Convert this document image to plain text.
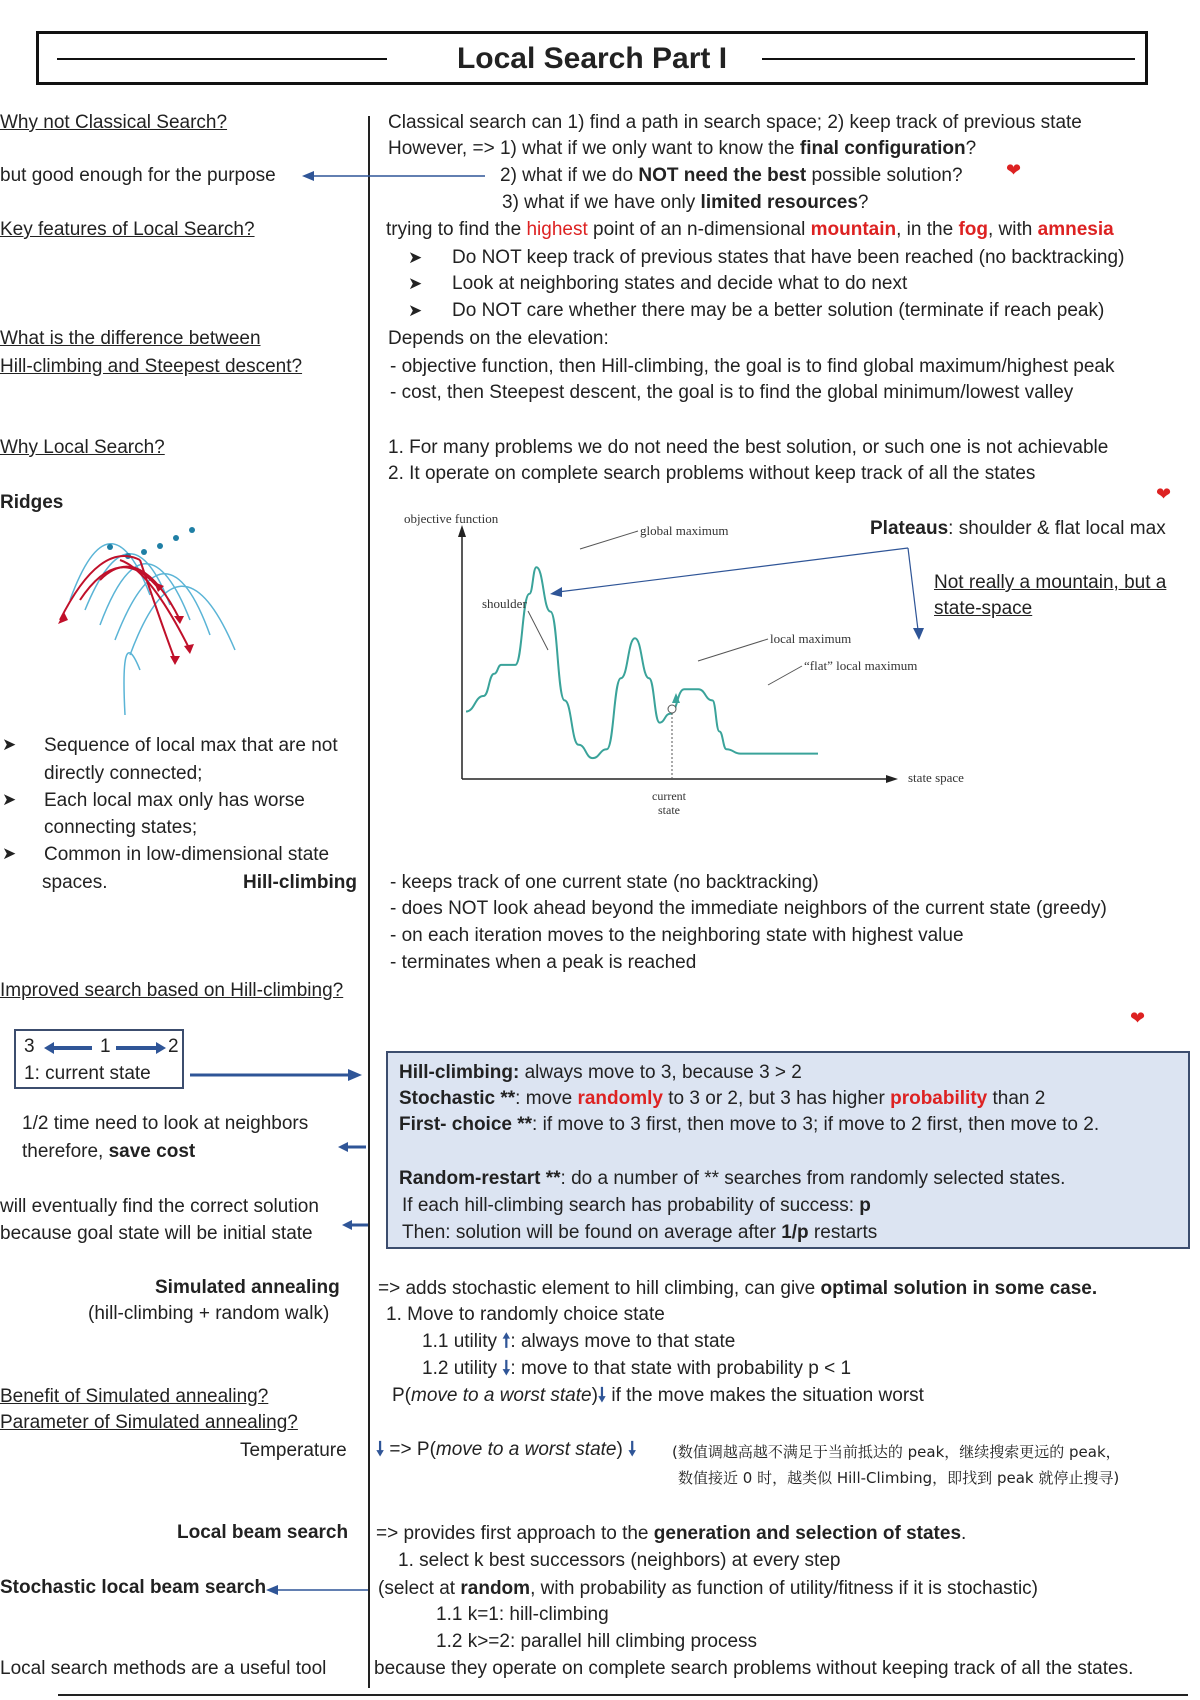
Local Search Part I
Why not Classical Search?
but good enough for the purpose
Key features of Local Search?
What is the difference between
Hill-climbing and Steepest descent?
Why Local Search?
Ridges
➤ Sequence of local max that are not
directly connected;
➤ Each local max only has worse
connecting states;
➤ Common in low-dimensional state
spaces.	Hill-climbing
Improved search based on Hill-climbing?
3	1	2
1: current state
1/2 time need to look at neighbors
therefore, save cost
will eventually find the correct solution
because goal state will be initial state
Simulated annealing
(hill-climbing + random walk)
Benefit of Simulated annealing?
Parameter of Simulated annealing?
Temperature
Local beam search
Stochastic local beam search
Local search methods are a useful tool
Classical search can 1) find a path in search space; 2) keep track of previous state
However, => 1) what if we only want to know the final configuration?
2) what if we do NOT need the best possible solution? ❤
3) what if we have only limited resources?
trying to find the highest point of an n-dimensional mountain, in the fog, with amnesia
➤ Do NOT keep track of previous states that have been reached (no backtracking)
➤ Look at neighboring states and decide what to do next
➤ Do NOT care whether there may be a better solution (terminate if reach peak)
Depends on the elevation:
- objective function, then Hill-climbing, the goal is to find global maximum/highest peak
- cost, then Steepest descent, the goal is to find the global minimum/lowest valley
1. For many problems we do not need the best solution, or such one is not achievable
2. It operate on complete search problems without keep track of all the states
❤
objective function
state space
global maximum
shoulder
local maximum
“flat” local maximum
current state
Plateaus: shoulder & flat local max
Not really a mountain, but a
state-space
- keeps track of one current state (no backtracking)
- does NOT look ahead beyond the immediate neighbors of the current state (greedy)
- on each iteration moves to the neighboring state with highest value
- terminates when a peak is reached
❤
Hill-climbing: always move to 3, because 3 > 2
Stochastic **: move randomly to 3 or 2, but 3 has higher probability than 2
First- choice **: if move to 3 first, then move to 3; if move to 2 first, then move to 2.
Random-restart **: do a number of ** searches from randomly selected states.
If each hill-climbing search has probability of success: p
Then: solution will be found on average after 1/p restarts
=> adds stochastic element to hill climbing, can give optimal solution in some case.
1. Move to randomly choice state
1.1 utility 🠕: always move to that state
1.2 utility 🠗: move to that state with probability p < 1
P(move to a worst state)🠗 if the move makes the situation worst
🠗 => P(move to a worst state) 🠗 (数值调越高越不满足于当前抵达的 peak，继续搜索更远的 peak，
数值接近 0 时，越类似 Hill-Climbing，即找到 peak 就停止搜寻)
=> provides first approach to the generation and selection of states.
1. select k best successors (neighbors) at every step
(select at random, with probability as function of utility/fitness if it is stochastic)
1.1 k=1: hill-climbing
1.2 k>=2: parallel hill climbing process
because they operate on complete search problems without keeping track of all the states.
